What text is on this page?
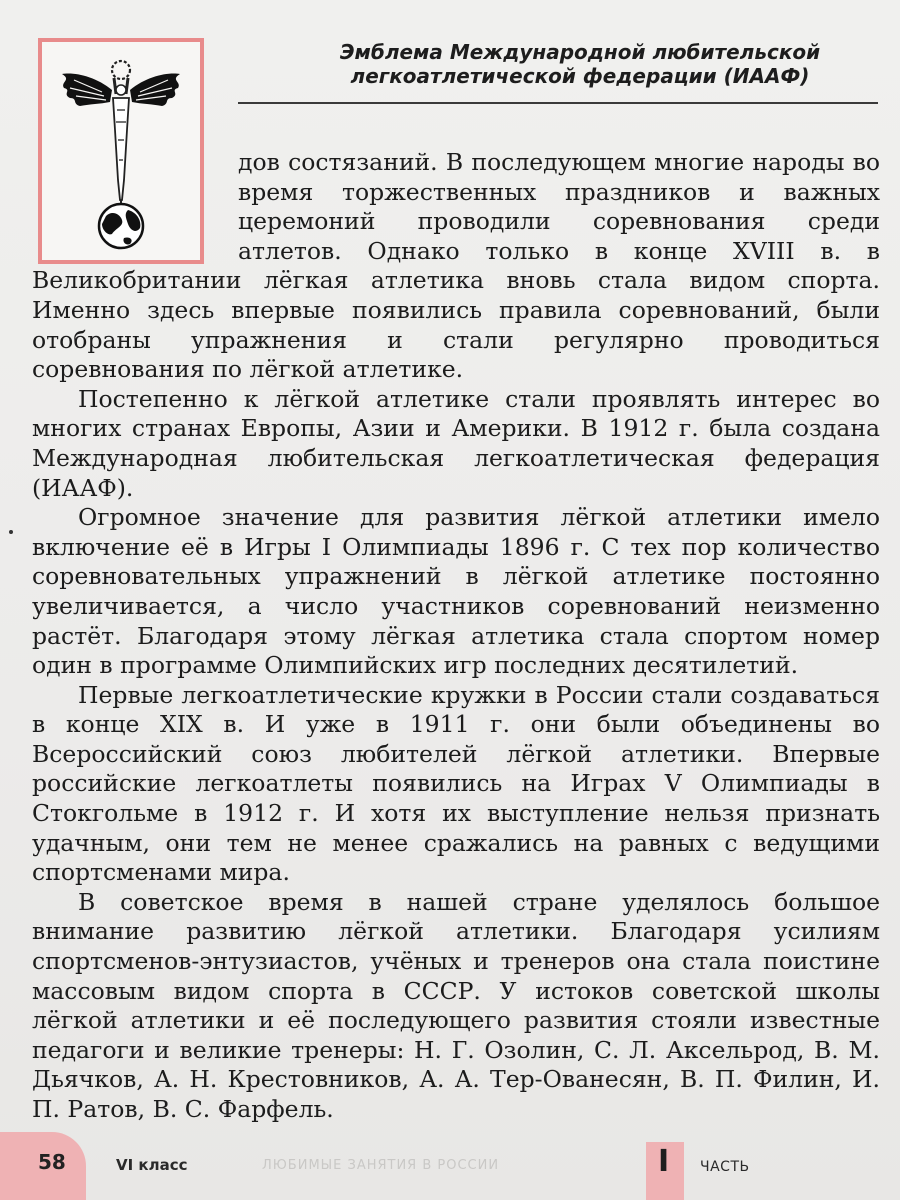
Эмблема Международной любительской
легкоатлетической федерации (ИААФ)

дов состязаний. В последующем многие народы во время торжественных праздников и важных церемоний проводили соревнования среди атлетов. Однако только в конце XVIII в. в Великобритании лёгкая атлетика вновь стала видом спорта. Именно здесь впервые появились правила соревнований, были отобраны упражнения и стали регулярно проводиться соревнования по лёгкой атлетике.

Постепенно к лёгкой атлетике стали проявлять интерес во многих странах Европы, Азии и Америки. В 1912 г. была создана Международная любительская легкоатлетическая федерация (ИААФ).

Огромное значение для развития лёгкой атлетики имело включение её в Игры I Олимпиады 1896 г. С тех пор количество соревновательных упражнений в лёгкой атлетике постоянно увеличивается, а число участников соревнований неизменно растёт. Благодаря этому лёгкая атлетика стала спортом номер один в программе Олимпийских игр последних десятилетий.

Первые легкоатлетические кружки в России стали создаваться в конце XIX в. И уже в 1911 г. они были объединены во Всероссийский союз любителей лёгкой атлетики. Впервые российские легкоатлеты появились на Играх V Олимпиады в Стокгольме в 1912 г. И хотя их выступление нельзя признать удачным, они тем не менее сражались на равных с ведущими спортсменами мира.

В советское время в нашей стране уделялось большое внимание развитию лёгкой атлетики. Благодаря усилиям спортсменов-энтузиастов, учёных и тренеров она стала поистине массовым видом спорта в СССР. У истоков советской школы лёгкой атлетики и её последующего развития стояли известные педагоги и великие тренеры: Н. Г. Озолин, С. Л. Аксельрод, В. М. Дьячков, А. Н. Крестовников, А. А. Тер-Ованесян, В. П. Филин, И. П. Ратов, В. С. Фарфель.

58	VI класс	ЛЮБИМЫЕ ЗАНЯТИЯ В РОССИИ	I ЧАСТЬ
